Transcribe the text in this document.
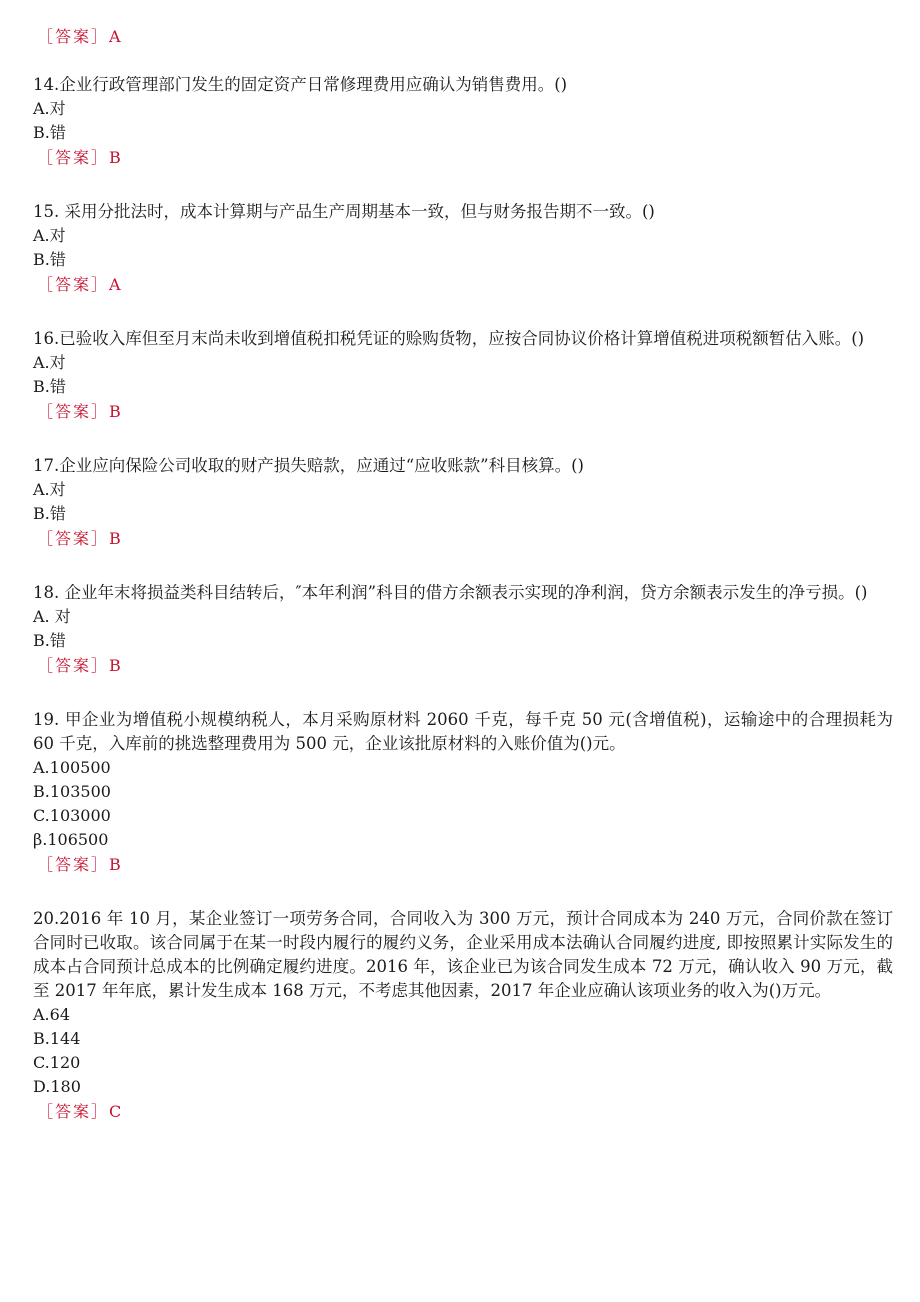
［答案］A

14.企业行政管理部门发生的固定资产日常修理费用应确认为销售费用。()

A.对

B.错

［答案］B

15. 采用分批法时，成本计算期与产品生产周期基本一致，但与财务报告期不一致。()

A.对

B.错

［答案］A

16.已验收入库但至月末尚未收到增值税扣税凭证的赊购货物，应按合同协议价格计算增值税进项税额暂估入账。()

A.对

B.错

［答案］B

17.企业应向保险公司收取的财产损失赔款，应通过“应收账款”科目核算。()

A.对

B.错

［答案］B

18. 企业年末将损益类科目结转后，″本年利润”科目的借方余额表示实现的净利润，贷方余额表示发生的净亏损。()

A. 对

B.错

［答案］B

19. 甲企业为增值税小规模纳税人，本月采购原材料 2060 千克，每千克 50 元(含增值税)，运输途中的合理损耗为 60 千克，入库前的挑选整理费用为 500 元，企业该批原材料的入账价值为()元。

A.100500

B.103500

C.103000

β.106500

［答案］B

20.2016 年 10 月，某企业签订一项劳务合同，合同收入为 300 万元，预计合同成本为 240 万元，合同价款在签订合同时已收取。该合同属于在某一时段内履行的履约义务，企业采用成本法确认合同履约进度, 即按照累计实际发生的成本占合同预计总成本的比例确定履约进度。2016 年，该企业已为该合同发生成本 72 万元，确认收入 90 万元，截至 2017 年年底，累计发生成本 168 万元，不考虑其他因素，2017 年企业应确认该项业务的收入为()万元。

A.64

B.144

C.120

D.180

［答案］C
